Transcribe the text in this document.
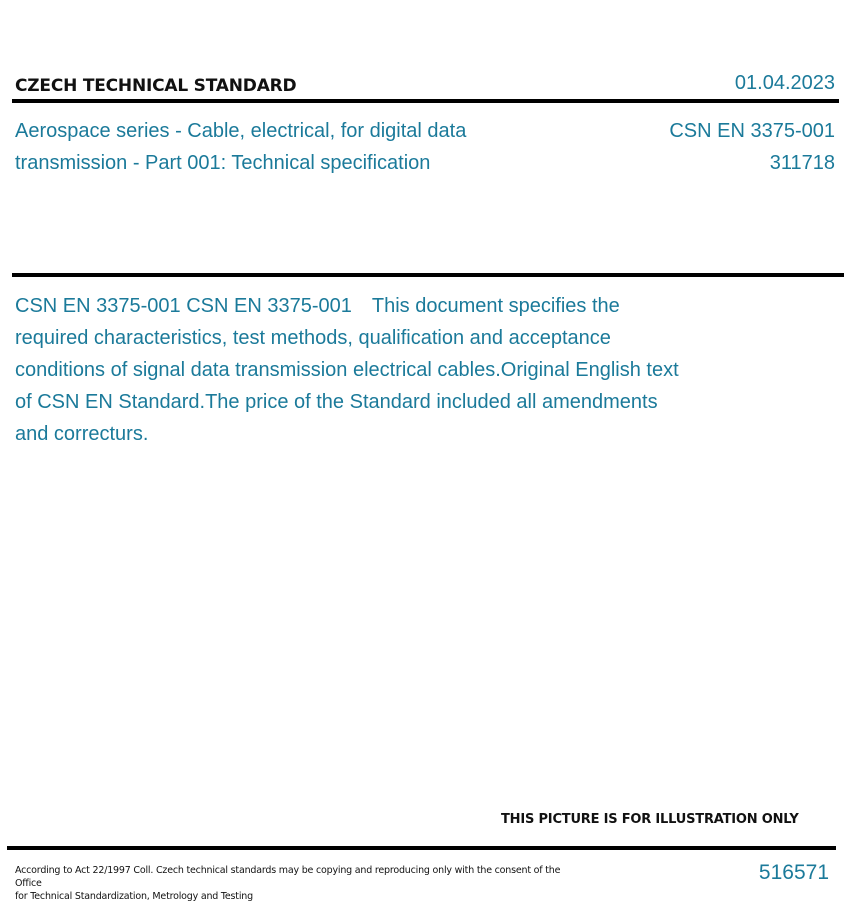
CZECH TECHNICAL STANDARD	01.04.2023
Aerospace series - Cable, electrical, for digital data
transmission - Part 001: Technical specification
CSN EN 3375-001
311718
CSN EN 3375-001 CSN EN 3375-001 This document specifies the required characteristics, test methods, qualification and acceptance conditions of signal data transmission electrical cables.Original English text of CSN EN Standard.The price of the Standard included all amendments and correcturs.
THIS PICTURE IS FOR ILLUSTRATION ONLY
According to Act 22/1997 Coll. Czech technical standards may be copying and reproducing only with the consent of the Office
for Technical Standardization, Metrology and Testing
516571
